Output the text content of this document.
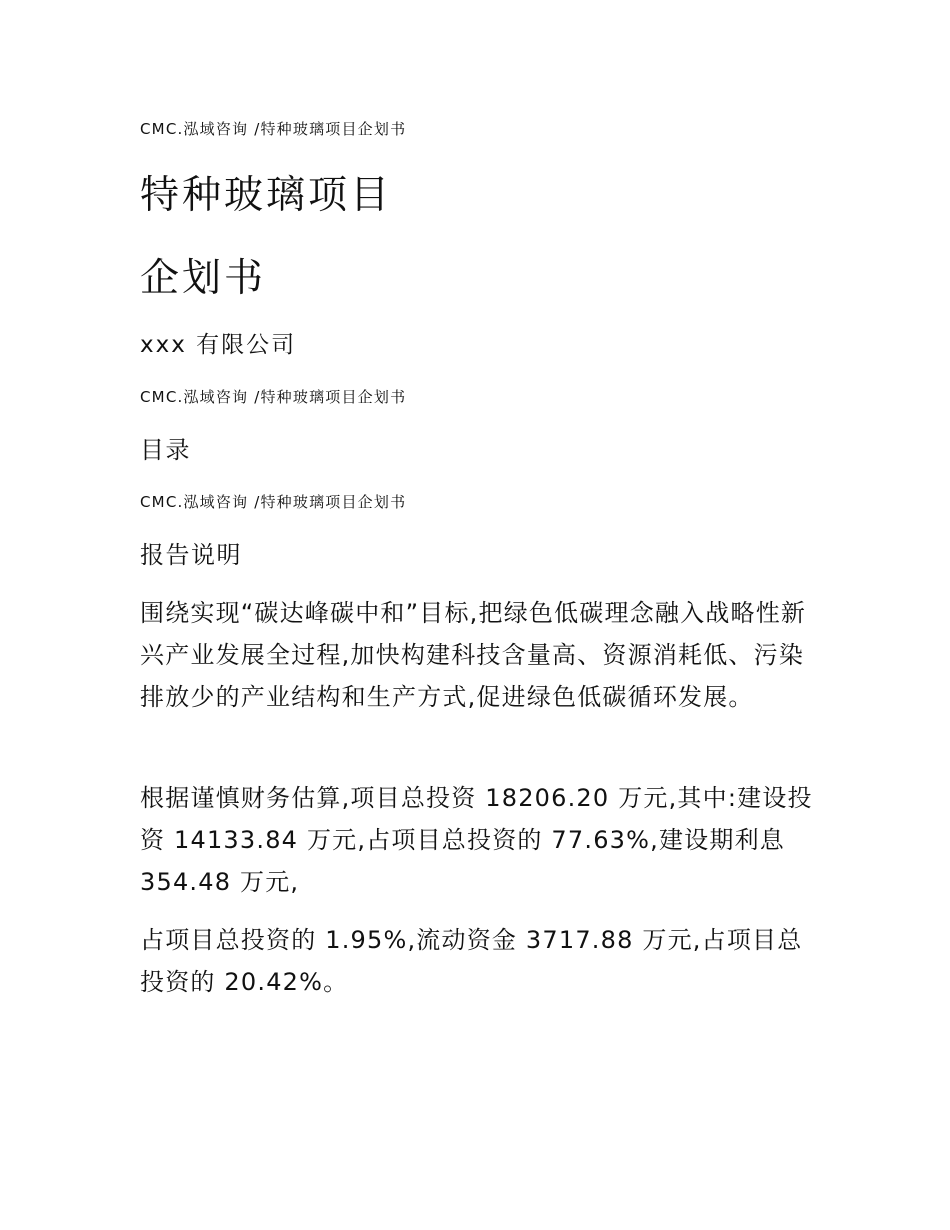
CMC.泓域咨询 /特种玻璃项目企划书
特种玻璃项目
企划书
xxx 有限公司
CMC.泓域咨询 /特种玻璃项目企划书
目录
CMC.泓域咨询 /特种玻璃项目企划书
报告说明

围绕实现“碳达峰碳中和”目标,把绿色低碳理念融入战略性新兴产业发展全过程,加快构建科技含量高、资源消耗低、污染排放少的产业结构和生产方式,促进绿色低碳循环发展。

根据谨慎财务估算,项目总投资 18206.20 万元,其中:建设投资 14133.84 万元,占项目总投资的 77.63%,建设期利息 354.48 万元,

占项目总投资的 1.95%,流动资金 3717.88 万元,占项目总投资的 20.42%。
